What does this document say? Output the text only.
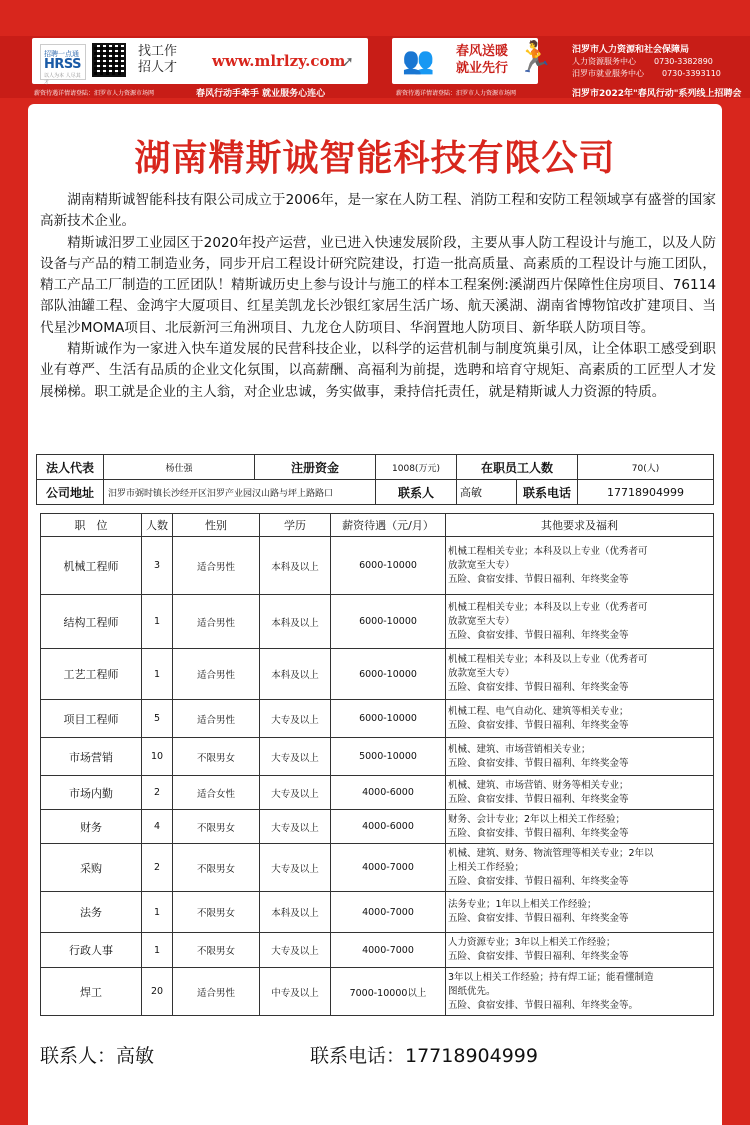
招聘一点通
HRSS
以人为本 人尽其才
找工作
招人才 www.mlrlzy.com
➚ 👥 春风送暖
就业先行 🏃 汨罗市人力资源和社会保障局
人力资源服务中心 0730-3382890
汨罗市就业服务中心 0730-3393110
薪资待遇详情请登陆：汨罗市人力资源市场网	春风行动手牵手 就业服务心连心	薪资待遇详情请登陆：汨罗市人力资源市场网	汨罗市2022年"春风行动"系列线上招聘会
湖南精斯诚智能科技有限公司

湖南精斯诚智能科技有限公司成立于2006年，是一家在人防工程、消防工程和安防工程领域享有盛誉的国家高新技术企业。

精斯诚汨罗工业园区于2020年投产运营，业已进入快速发展阶段，主要从事人防工程设计与施工，以及人防设备与产品的精工制造业务，同步开启工程设计研究院建设，打造一批高质量、高素质的工程设计与施工团队，精工产品工厂制造的工匠团队！精斯诚历史上参与设计与施工的样本工程案例:溪湖西片保障性住房项目、76114部队油罐工程、金鸿宇大厦项目、红星美凯龙长沙银红家居生活广场、航天溪湖、湖南省博物馆改扩建项目、当代星沙MOMA项目、北辰新河三角洲项目、九龙仓人防项目、华润置地人防项目、新华联人防项目等。

精斯诚作为一家进入快车道发展的民营科技企业，以科学的运营机制与制度筑巢引凤，让全体职工感受到职业有尊严、生活有品质的企业文化氛围，以高薪酬、高福利为前提，选聘和培育守规矩、高素质的工匠型人才发展梯梯。职工就是企业的主人翁，对企业忠诚，务实做事，秉持信托责任，就是精斯诚人力资源的特质。

法人代表	杨仕强	注册资金	1008(万元)	在职员工人数		70(人)
公司地址	汨罗市弼时镇长沙经开区汨罗产业园汉山路与坪上路路口		联系人	高敏	联系电话	17718904999
职　位	人数	性别	学历	薪资待遇（元/月）	其他要求及福利
机械工程师	3	适合男性	本科及以上	6000-10000	机械工程相关专业；本科及以上专业（优秀者可
放款宽至大专）
五险、食宿安排、节假日福利、年终奖金等

结构工程师	1	适合男性	本科及以上	6000-10000	机械工程相关专业；本科及以上专业（优秀者可
放款宽至大专）
五险、食宿安排、节假日福利、年终奖金等

工艺工程师	1	适合男性	本科及以上	6000-10000	机械工程相关专业；本科及以上专业（优秀者可
放款宽至大专）
五险、食宿安排、节假日福利、年终奖金等

项目工程师	5	适合男性	大专及以上	6000-10000	机械工程、电气自动化、建筑等相关专业；
五险、食宿安排、节假日福利、年终奖金等

市场营销	10	不限男女	大专及以上	5000-10000	机械、建筑、市场营销相关专业；
五险、食宿安排、节假日福利、年终奖金等

市场内勤	2	适合女性	大专及以上	4000-6000	机械、建筑、市场营销、财务等相关专业；
五险、食宿安排、节假日福利、年终奖金等

财务	4	不限男女	大专及以上	4000-6000	财务、会计专业；2年以上相关工作经验；
五险、食宿安排、节假日福利、年终奖金等

采购	2	不限男女	大专及以上	4000-7000	机械、建筑、财务、物流管理等相关专业；2年以
上相关工作经验；
五险、食宿安排、节假日福利、年终奖金等

法务	1	不限男女	本科及以上	4000-7000	法务专业；1年以上相关工作经验；
五险、食宿安排、节假日福利、年终奖金等

行政人事	1	不限男女	大专及以上	4000-7000	人力资源专业；3年以上相关工作经验；
五险、食宿安排、节假日福利、年终奖金等

焊工	20	适合男性	中专及以上	7000-10000以上	3年以上相关工作经验；持有焊工证；能看懂制造
图纸优先。
五险、食宿安排、节假日福利、年终奖金等。
联系人：高敏	联系电话：17718904999
